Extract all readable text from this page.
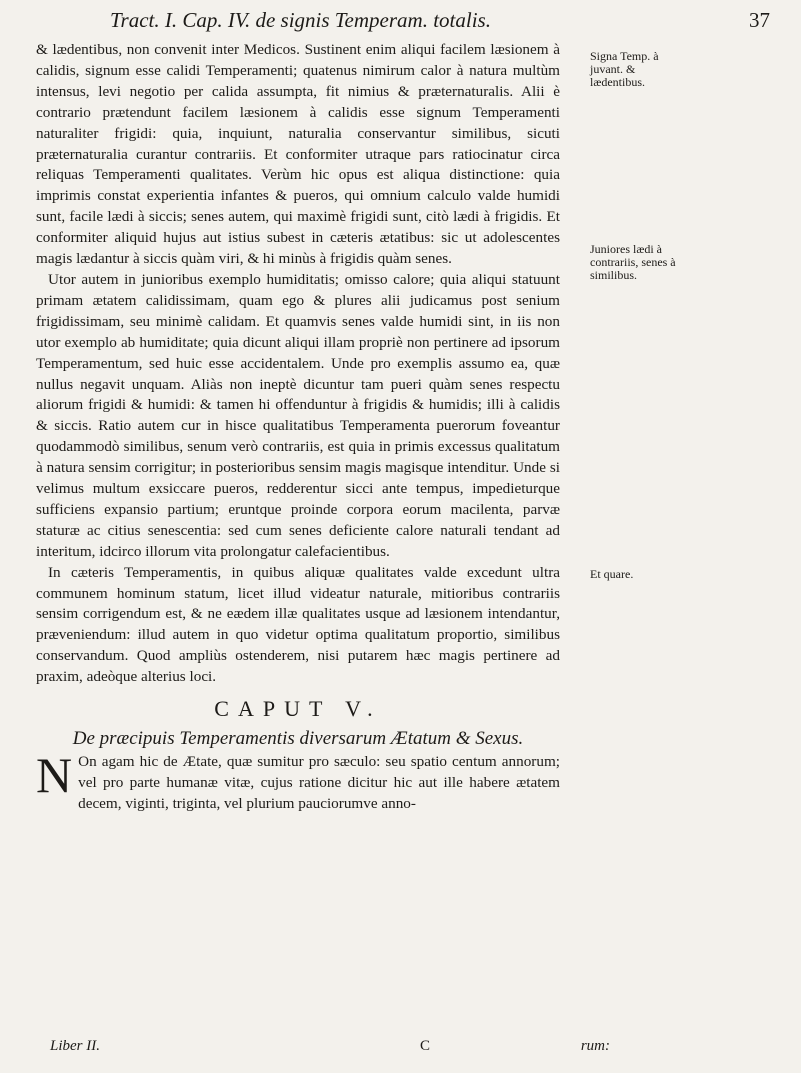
Tract. I. Cap. IV. de signis Temperam. totalis.	37

& lædentibus, non convenit inter Medicos. Sustinent enim aliqui facilem læsionem à calidis, signum esse calidi Temperamenti; quatenus nimirum calor à natura multùm intensus, levi negotio per calida assumpta, fit nimius & præternaturalis. Alii è contrario prætendunt facilem læsionem à calidis esse signum Temperamenti naturaliter frigidi: quia, inquiunt, naturalia conservantur similibus, sicuti præternaturalia curantur contrariis. Et conformiter utraque pars ratiocinatur circa reliquas Temperamenti qualitates. Verùm hic opus est aliqua distinctione: quia imprimis constat experientia infantes & pueros, qui omnium calculo valde humidi sunt, facile lædi à siccis; senes autem, qui maximè frigidi sunt, citò lædi à frigidis. Et conformiter aliquid hujus aut istius subest in cæteris ætatibus: sic ut adolescentes magis lædantur à siccis quàm viri, & hi minùs à frigidis quàm senes.

Utor autem in junioribus exemplo humiditatis; omisso calore; quia aliqui statuunt primam ætatem calidissimam, quam ego & plures alii judicamus post senium frigidissimam, seu minimè calidam. Et quamvis senes valde humidi sint, in iis non utor exemplo ab humiditate; quia dicunt aliqui illam propriè non pertinere ad ipsorum Temperamentum, sed huic esse accidentalem. Unde pro exemplis assumo ea, quæ nullus negavit unquam. Aliàs non ineptè dicuntur tam pueri quàm senes respectu aliorum frigidi & humidi: & tamen hi offenduntur à frigidis & humidis; illi à calidis & siccis. Ratio autem cur in hisce qualitatibus Temperamenta puerorum foveantur quodammodò similibus, senum verò contrariis, est quia in primis excessus qualitatum à natura sensim corrigitur; in posterioribus sensim magis magisque intenditur. Unde si velimus multum exsiccare pueros, redderentur sicci ante tempus, impedieturque sufficiens expansio partium; eruntque proinde corpora eorum macilenta, parvæ staturæ ac citius senescentia: sed cum senes deficiente calore naturali tendant ad interitum, idcirco illorum vita prolongatur calefacientibus.

In cæteris Temperamentis, in quibus aliquæ qualitates valde excedunt ultra communem hominum statum, licet illud videatur naturale, mitioribus contrariis sensim corrigendum est, & ne eædem illæ qualitates usque ad læsionem intendantur, præveniendum: illud autem in quo videtur optima qualitatum proportio, similibus conservandum. Quod ampliùs ostenderem, nisi putarem hæc magis pertinere ad praxim, adeòque alterius loci.

CAPUT V.
De præcipuis Temperamentis diversarum Ætatum & Sexus.

N On agam hic de Ætate, quæ sumitur pro sæculo: seu spatio centum annorum; vel pro parte humanæ vitæ, cujus ratione dicitur hic aut ille habere ætatem decem, viginti, triginta, vel plurium pauciorumve anno-

Signa Temp. à juvant. & lædentibus.
Juniores lædi à contrariis, senes à similibus.
Et quare.
Liber II.	C	rum:
